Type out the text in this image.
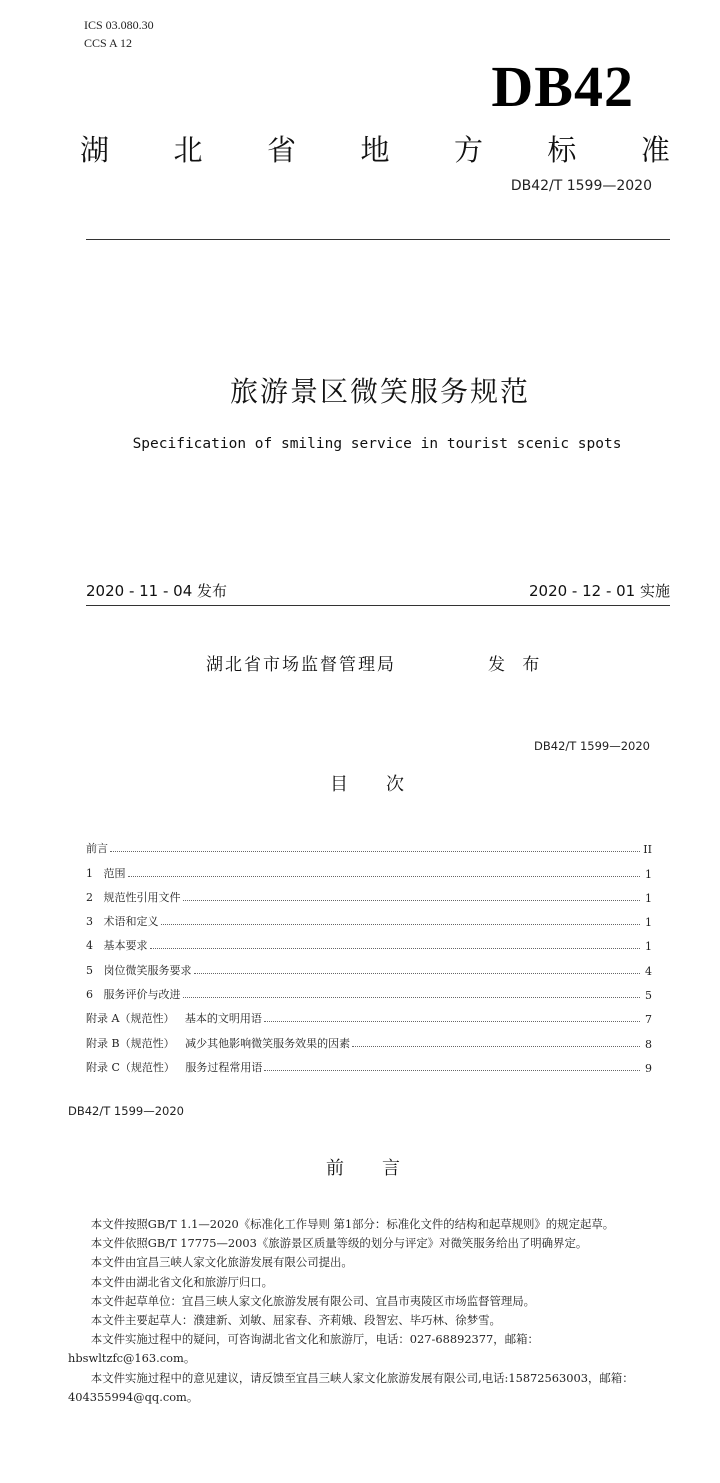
ICS 03.080.30
CCS A 12
DB42
湖 北 省 地 方 标 准
DB42/T 1599—2020
旅游景区微笑服务规范
Specification of smiling service in tourist scenic spots
2020 - 11 - 04 发布	2020 - 12 - 01 实施
湖北省市场监督管理局	发 布
DB42/T 1599—2020
目次
前言	II
1   范围	1
2   规范性引用文件	1
3   术语和定义	1
4   基本要求	1
5   岗位微笑服务要求	4
6   服务评价与改进	5
附录 A（规范性）   基本的文明用语	7
附录 B（规范性）   减少其他影响微笑服务效果的因素	8
附录 C（规范性）   服务过程常用语	9
DB42/T 1599—2020
前言

本文件按照GB/T 1.1—2020《标准化工作导则 第1部分：标准化文件的结构和起草规则》的规定起草。

本文件依照GB/T 17775—2003《旅游景区质量等级的划分与评定》对微笑服务给出了明确界定。

本文件由宜昌三峡人家文化旅游发展有限公司提出。

本文件由湖北省文化和旅游厅归口。

本文件起草单位：宜昌三峡人家文化旅游发展有限公司、宜昌市夷陵区市场监督管理局。

本文件主要起草人：濮建新、刘敏、屈家春、齐莉娥、段智宏、毕巧林、徐梦雪。

本文件实施过程中的疑问，可咨询湖北省文化和旅游厅，电话：027-68892377，邮箱：hbswltzfc@163.com。

本文件实施过程中的意见建议，请反馈至宜昌三峡人家文化旅游发展有限公司,电话:15872563003，邮箱：404355994@qq.com。
